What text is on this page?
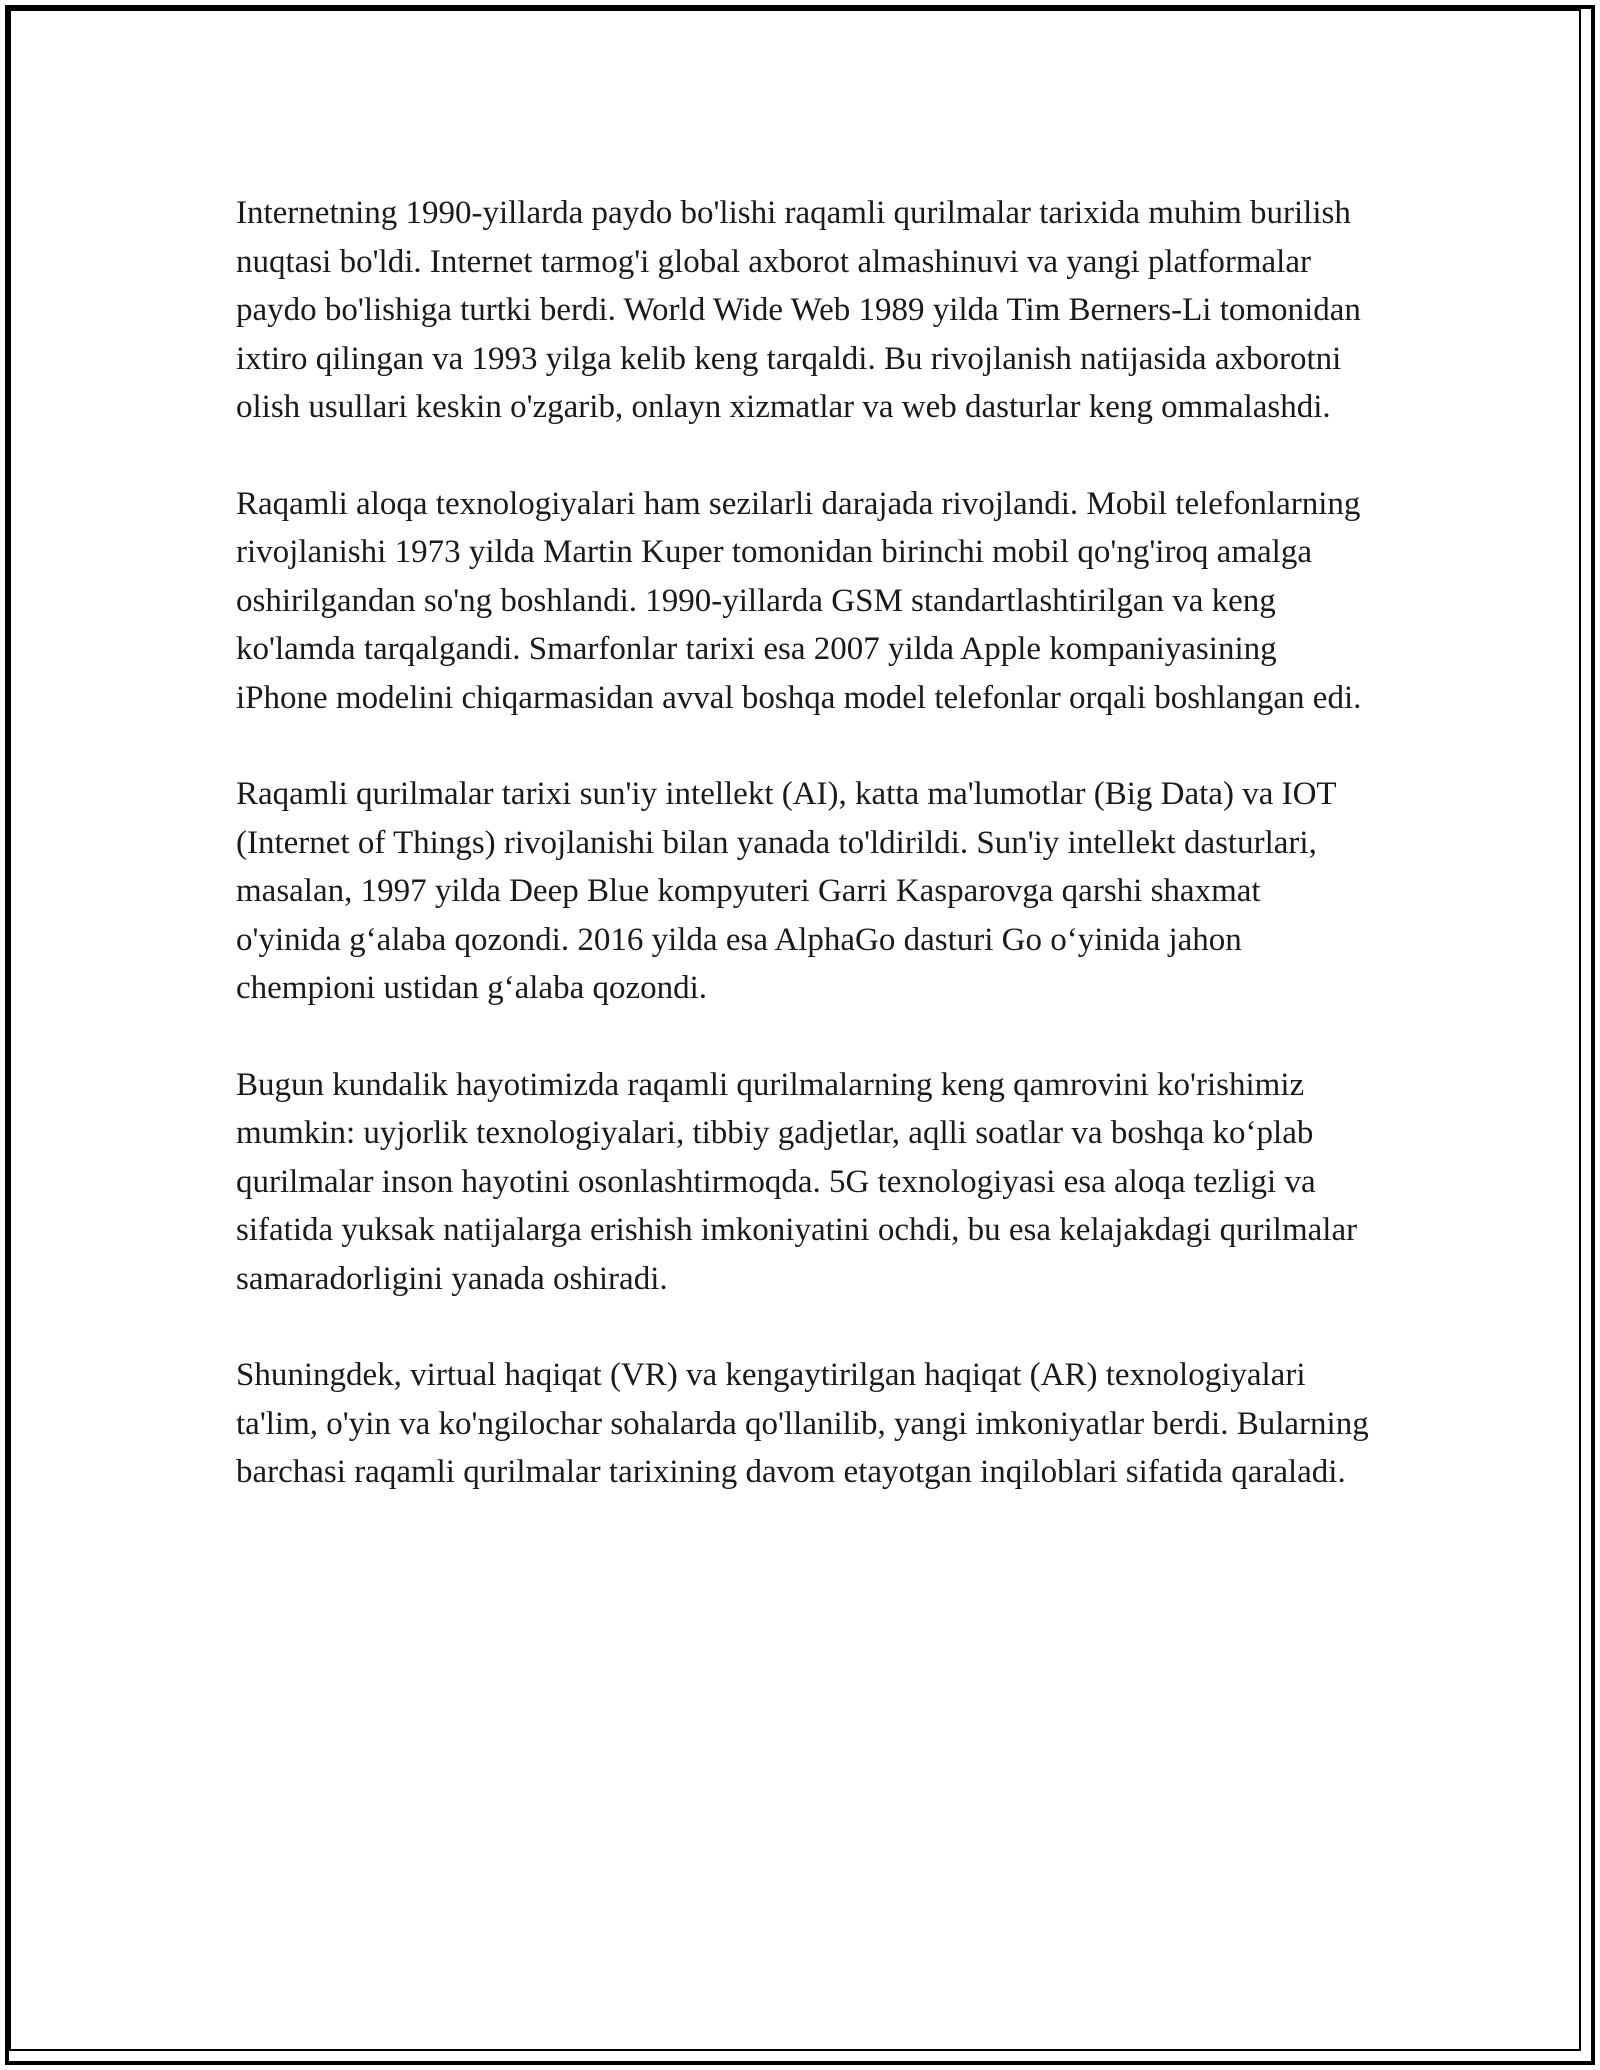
Internetning 1990-yillarda paydo bo'lishi raqamli qurilmalar tarixida muhim burilish nuqtasi bo'ldi. Internet tarmog'i global axborot almashinuvi va yangi platformalar paydo bo'lishiga turtki berdi. World Wide Web 1989 yilda Tim Berners-Li tomonidan ixtiro qilingan va 1993 yilga kelib keng tarqaldi. Bu rivojlanish natijasida axborotni olish usullari keskin o'zgarib, onlayn xizmatlar va web dasturlar keng ommalashdi.

Raqamli aloqa texnologiyalari ham sezilarli darajada rivojlandi. Mobil telefonlarning rivojlanishi 1973 yilda Martin Kuper tomonidan birinchi mobil qo'ng'iroq amalga oshirilgandan so'ng boshlandi. 1990-yillarda GSM standartlashtirilgan va keng ko'lamda tarqalgandi. Smarfonlar tarixi esa 2007 yilda Apple kompaniyasining iPhone modelini chiqarmasidan avval boshqa model telefonlar orqali boshlangan edi.

Raqamli qurilmalar tarixi sun'iy intellekt (AI), katta ma'lumotlar (Big Data) va IOT (Internet of Things) rivojlanishi bilan yanada to'ldirildi. Sun'iy intellekt dasturlari, masalan, 1997 yilda Deep Blue kompyuteri Garri Kasparovga qarshi shaxmat o'yinida g‘alaba qozondi. 2016 yilda esa AlphaGo dasturi Go o‘yinida jahon chempioni ustidan g‘alaba qozondi.

Bugun kundalik hayotimizda raqamli qurilmalarning keng qamrovini ko'rishimiz mumkin: uyjorlik texnologiyalari, tibbiy gadjetlar, aqlli soatlar va boshqa ko‘plab qurilmalar inson hayotini osonlashtirmoqda. 5G texnologiyasi esa aloqa tezligi va sifatida yuksak natijalarga erishish imkoniyatini ochdi, bu esa kelajakdagi qurilmalar samaradorligini yanada oshiradi.

Shuningdek, virtual haqiqat (VR) va kengaytirilgan haqiqat (AR) texnologiyalari ta'lim, o'yin va ko'ngilochar sohalarda qo'llanilib, yangi imkoniyatlar berdi. Bularning barchasi raqamli qurilmalar tarixining davom etayotgan inqiloblari sifatida qaraladi.
